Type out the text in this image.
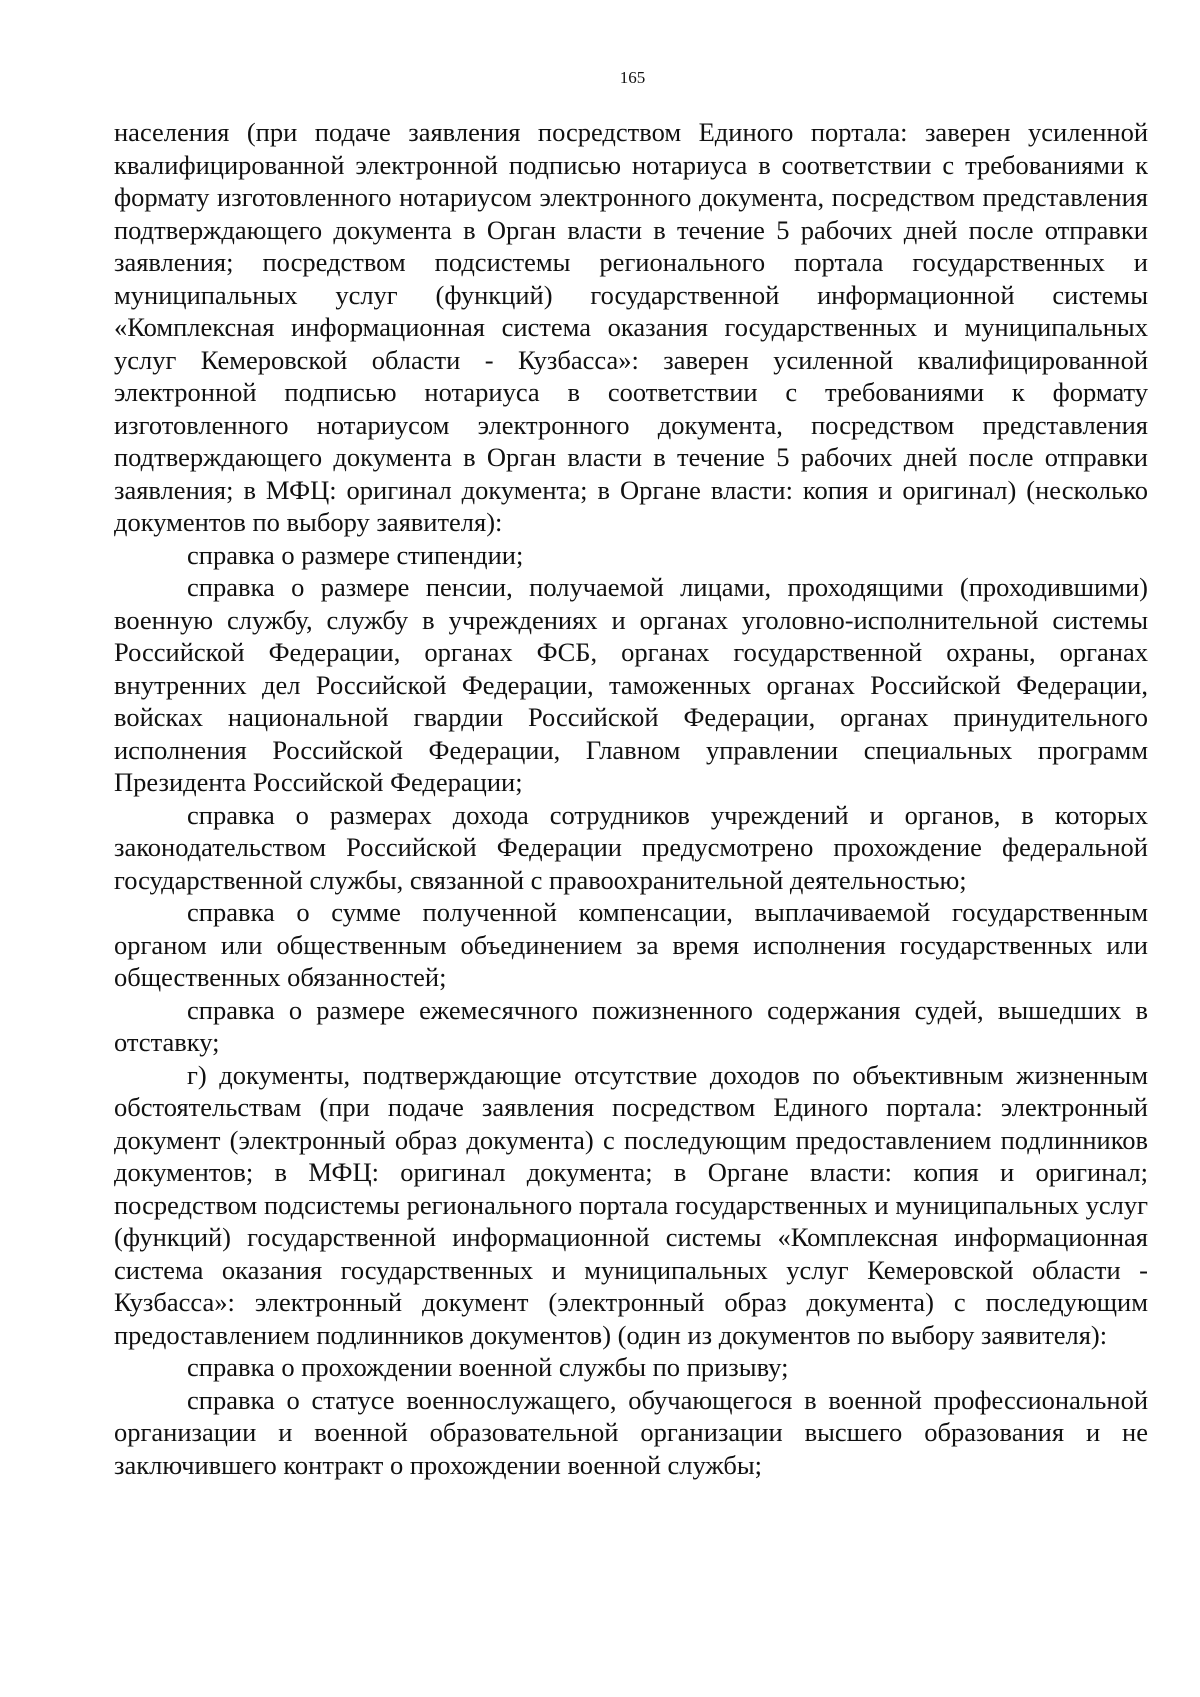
165

населения (при подаче заявления посредством Единого портала: заверен усиленной квалифицированной электронной подписью нотариуса в соответствии с требованиями к формату изготовленного нотариусом электронного документа, посредством представления подтверждающего документа в Орган власти в течение 5 рабочих дней после отправки заявления; посредством подсистемы регионального портала государственных и муниципальных услуг (функций) государственной информационной системы «Комплексная информационная система оказания государственных и муниципальных услуг Кемеровской области - Кузбасса»: заверен усиленной квалифицированной электронной подписью нотариуса в соответствии с требованиями к формату изготовленного нотариусом электронного документа, посредством представления подтверждающего документа в Орган власти в течение 5 рабочих дней после отправки заявления; в МФЦ: оригинал документа; в Органе власти: копия и оригинал) (несколько документов по выбору заявителя):

справка о размере стипендии;

справка о размере пенсии, получаемой лицами, проходящими (проходившими) военную службу, службу в учреждениях и органах уголовно-исполнительной системы Российской Федерации, органах ФСБ, органах государственной охраны, органах внутренних дел Российской Федерации, таможенных органах Российской Федерации, войсках национальной гвардии Российской Федерации, органах принудительного исполнения Российской Федерации, Главном управлении специальных программ Президента Российской Федерации;

справка о размерах дохода сотрудников учреждений и органов, в которых законодательством Российской Федерации предусмотрено прохождение федеральной государственной службы, связанной с правоохранительной деятельностью;

справка о сумме полученной компенсации, выплачиваемой государственным органом или общественным объединением за время исполнения государственных или общественных обязанностей;

справка о размере ежемесячного пожизненного содержания судей, вышедших в отставку;

г) документы, подтверждающие отсутствие доходов по объективным жизненным обстоятельствам (при подаче заявления посредством Единого портала: электронный документ (электронный образ документа) с последующим предоставлением подлинников документов; в МФЦ: оригинал документа; в Органе власти: копия и оригинал; посредством подсистемы регионального портала государственных и муниципальных услуг (функций) государственной информационной системы «Комплексная информационная система оказания государственных и муниципальных услуг Кемеровской области - Кузбасса»: электронный документ (электронный образ документа) с последующим предоставлением подлинников документов) (один из документов по выбору заявителя):

справка о прохождении военной службы по призыву;

справка о статусе военнослужащего, обучающегося в военной профессиональной организации и военной образовательной организации высшего образования и не заключившего контракт о прохождении военной службы;
